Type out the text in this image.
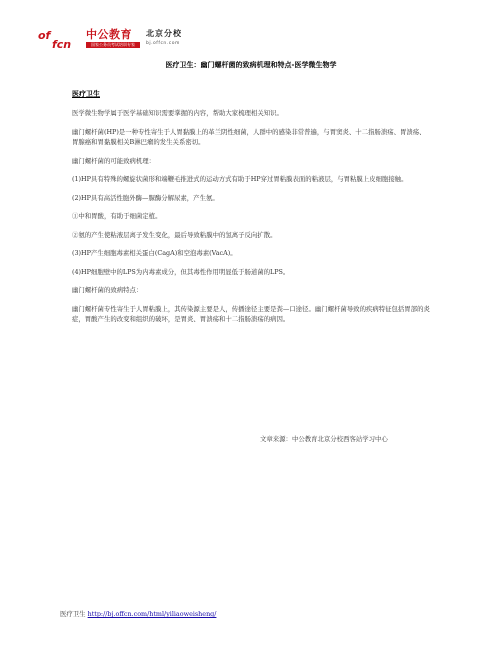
of
fcn
中公教育
国家公务员考试培训专家
北京分校
bj.offcn.com
医疗卫生：幽门螺杆菌的致病机理和特点-医学微生物学
医疗卫生

医学微生物学属于医学基础知识需要掌握的内容，帮助大家梳理相关知识。

幽门螺杆菌(HP)是一种专性寄生于人胃黏膜上的革兰阴性细菌，人群中的感染非常普遍，与胃窦炎、十二指肠溃疡、胃溃疡、胃腺癌和胃黏膜相关B淋巴瘤的发生关系密切。

幽门螺杆菌的可能致病机理：

(1)HP具有特殊的螺旋状菌形和端鞭毛推进式的运动方式有助于HP穿过胃粘膜表面的粘液层，与胃粘膜上皮细胞接触。

(2)HP具有高活性胞外酶—脲酶分解尿素，产生氨。

①中和胃酸，有助于细菌定植。

②氨的产生使粘液层离子发生变化，最后导致粘膜中的氢离子反向扩散。

(3)HP产生细胞毒素相关蛋白(CagA)和空泡毒素(VacA)。

(4)HP细胞壁中的LPS为内毒素成分，但其毒性作用明显低于肠道菌的LPS。

幽门螺杆菌的致病特点：

幽门螺杆菌专性寄生于人胃粘膜上，其传染源主要是人，传播途径主要是粪—口途径。幽门螺杆菌导致的疾病特征包括胃部的炎症，胃酸产生的改变和组织的破坏，是胃炎、胃溃疡和十二指肠溃疡的病因。

文章来源：中公教育北京分校西客站学习中心
医疗卫生 http://bj.offcn.com/html/yiliaoweisheng/
